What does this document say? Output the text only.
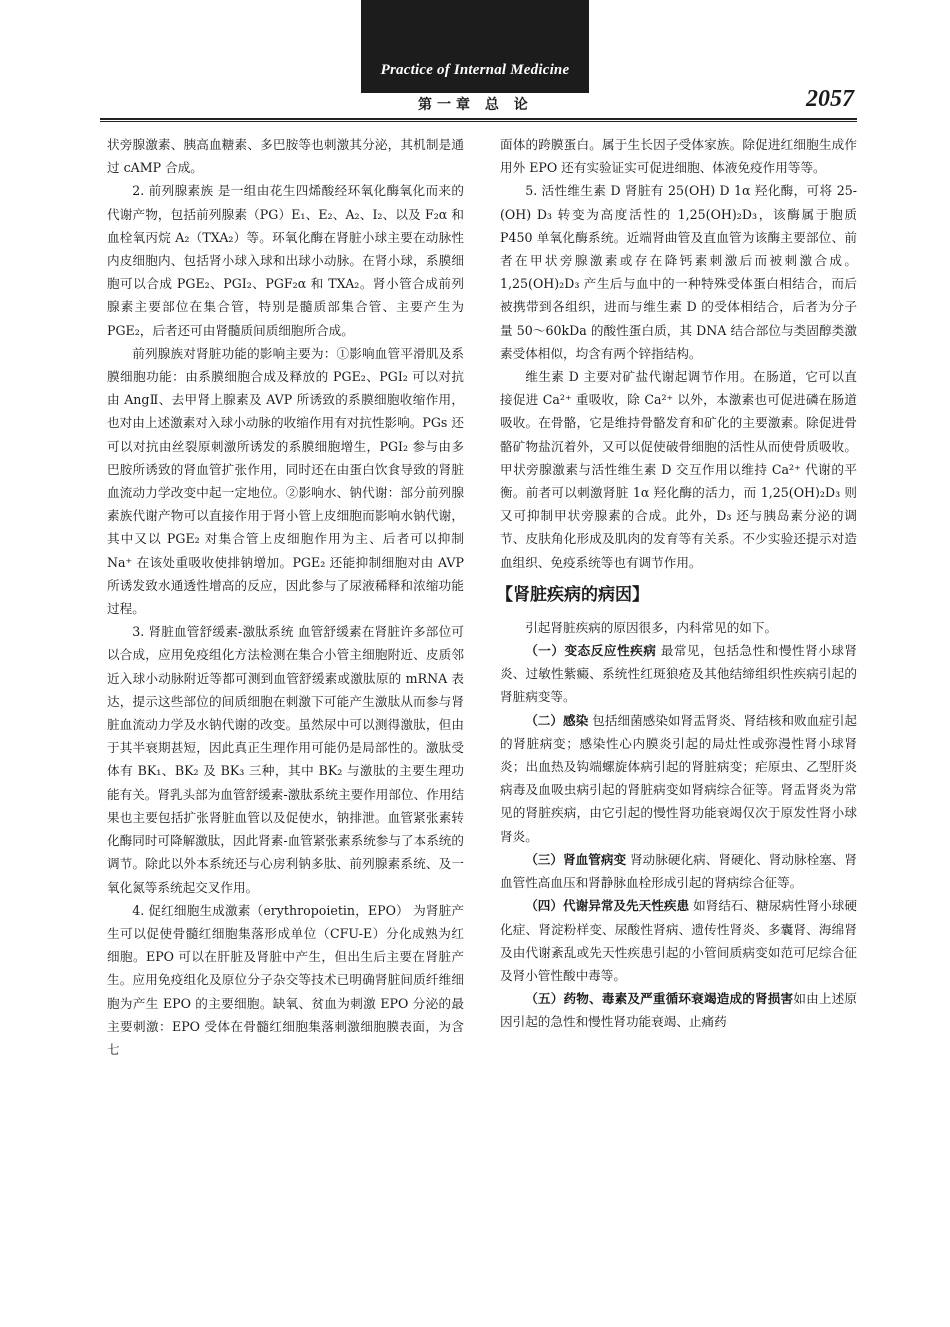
Practice of Internal Medicine
第一章 总 论	2057

状旁腺激素、胰高血糖素、多巴胺等也刺激其分泌，其机制是通过 cAMP 合成。

2. 前列腺素族 是一组由花生四烯酸经环氧化酶氧化而来的代谢产物，包括前列腺素（PG）E₁、E₂、A₂、I₂、以及 F₂α 和血栓氧丙烷 A₂（TXA₂）等。环氧化酶在肾脏小球主要在动脉性内皮细胞内、包括肾小球入球和出球小动脉。在肾小球，系膜细胞可以合成 PGE₂、PGI₂、PGF₂α 和 TXA₂。肾小管合成前列腺素主要部位在集合管，特别是髓质部集合管、主要产生为 PGE₂，后者还可由肾髓质间质细胞所合成。

前列腺族对肾脏功能的影响主要为：①影响血管平滑肌及系膜细胞功能：由系膜细胞合成及释放的 PGE₂、PGI₂ 可以对抗由 AngⅡ、去甲肾上腺素及 AVP 所诱致的系膜细胞收缩作用，也对由上述激素对入球小动脉的收缩作用有对抗性影响。PGs 还可以对抗由丝裂原刺激所诱发的系膜细胞增生，PGI₂ 参与由多巴胺所诱致的肾血管扩张作用，同时还在由蛋白饮食导致的肾脏血流动力学改变中起一定地位。②影响水、钠代谢：部分前列腺素族代谢产物可以直接作用于肾小管上皮细胞而影响水钠代谢，其中又以 PGE₂ 对集合管上皮细胞作用为主、后者可以抑制 Na⁺ 在该处重吸收使排钠增加。PGE₂ 还能抑制细胞对由 AVP 所诱发致水通透性增高的反应，因此参与了尿液稀释和浓缩功能过程。

3. 肾脏血管舒缓素-激肽系统 血管舒缓素在肾脏许多部位可以合成，应用免疫组化方法检测在集合小管主细胞附近、皮质邻近入球小动脉附近等都可测到血管舒缓素或激肽原的 mRNA 表达，提示这些部位的间质细胞在刺激下可能产生激肽从而参与肾脏血流动力学及水钠代谢的改变。虽然尿中可以测得激肽，但由于其半衰期甚短，因此真正生理作用可能仍是局部性的。激肽受体有 BK₁、BK₂ 及 BK₃ 三种，其中 BK₂ 与激肽的主要生理功能有关。肾乳头部为血管舒缓素-激肽系统主要作用部位、作用结果也主要包括扩张肾脏血管以及促使水，钠排泄。血管紧张素转化酶同时可降解激肽，因此肾素-血管紧张素系统参与了本系统的调节。除此以外本系统还与心房利钠多肽、前列腺素系统、及一氧化氮等系统起交叉作用。

4. 促红细胞生成激素（erythropoietin，EPO） 为肾脏产生可以促使骨髓红细胞集落形成单位（CFU-E）分化成熟为红细胞。EPO 可以在肝脏及肾脏中产生，但出生后主要在肾脏产生。应用免疫组化及原位分子杂交等技术已明确肾脏间质纤维细胞为产生 EPO 的主要细胞。缺氧、贫血为刺激 EPO 分泌的最主要刺激：EPO 受体在骨髓红细胞集落刺激细胞膜表面，为含七

面体的跨膜蛋白。属于生长因子受体家族。除促进红细胞生成作用外 EPO 还有实验证实可促进细胞、体液免疫作用等等。

5. 活性维生素 D 肾脏有 25(OH) D 1α 羟化酶，可将 25-(OH) D₃ 转变为高度活性的 1,25(OH)₂D₃，该酶属于胞质 P450 单氧化酶系统。近端肾曲管及直血管为该酶主要部位、前者在甲状旁腺激素或存在降钙素刺激后而被刺激合成。1,25(OH)₂D₃ 产生后与血中的一种特殊受体蛋白相结合，而后被携带到各组织，进而与维生素 D 的受体相结合，后者为分子量 50～60kDa 的酸性蛋白质，其 DNA 结合部位与类固醇类激素受体相似，均含有两个锌指结构。

维生素 D 主要对矿盐代谢起调节作用。在肠道，它可以直接促进 Ca²⁺ 重吸收，除 Ca²⁺ 以外，本激素也可促进磷在肠道吸收。在骨骼，它是维持骨骼发育和矿化的主要激素。除促进骨骼矿物盐沉着外，又可以促使破骨细胞的活性从而使骨质吸收。甲状旁腺激素与活性维生素 D 交互作用以维持 Ca²⁺ 代谢的平衡。前者可以刺激肾脏 1α 羟化酶的活力，而 1,25(OH)₂D₃ 则又可抑制甲状旁腺素的合成。此外，D₃ 还与胰岛素分泌的调节、皮肤角化形成及肌肉的发育等有关系。不少实验还提示对造血组织、免疫系统等也有调节作用。

【肾脏疾病的病因】

引起肾脏疾病的原因很多，内科常见的如下。

（一）变态反应性疾病 最常见，包括急性和慢性肾小球肾炎、过敏性紫癜、系统性红斑狼疮及其他结缔组织性疾病引起的肾脏病变等。

（二）感染 包括细菌感染如肾盂肾炎、肾结核和败血症引起的肾脏病变；感染性心内膜炎引起的局灶性或弥漫性肾小球肾炎；出血热及钩端螺旋体病引起的肾脏病变；疟原虫、乙型肝炎病毒及血吸虫病引起的肾脏病变如肾病综合征等。肾盂肾炎为常见的肾脏疾病，由它引起的慢性肾功能衰竭仅次于原发性肾小球肾炎。

（三）肾血管病变 肾动脉硬化病、肾硬化、肾动脉栓塞、肾血管性高血压和肾静脉血栓形成引起的肾病综合征等。

（四）代谢异常及先天性疾患 如肾结石、糖尿病性肾小球硬化症、肾淀粉样变、尿酸性肾病、遗传性肾炎、多囊肾、海绵肾及由代谢紊乱或先天性疾患引起的小管间质病变如范可尼综合征及肾小管性酸中毒等。

（五）药物、毒素及严重循环衰竭造成的肾损害如由上述原因引起的急性和慢性肾功能衰竭、止痛药
